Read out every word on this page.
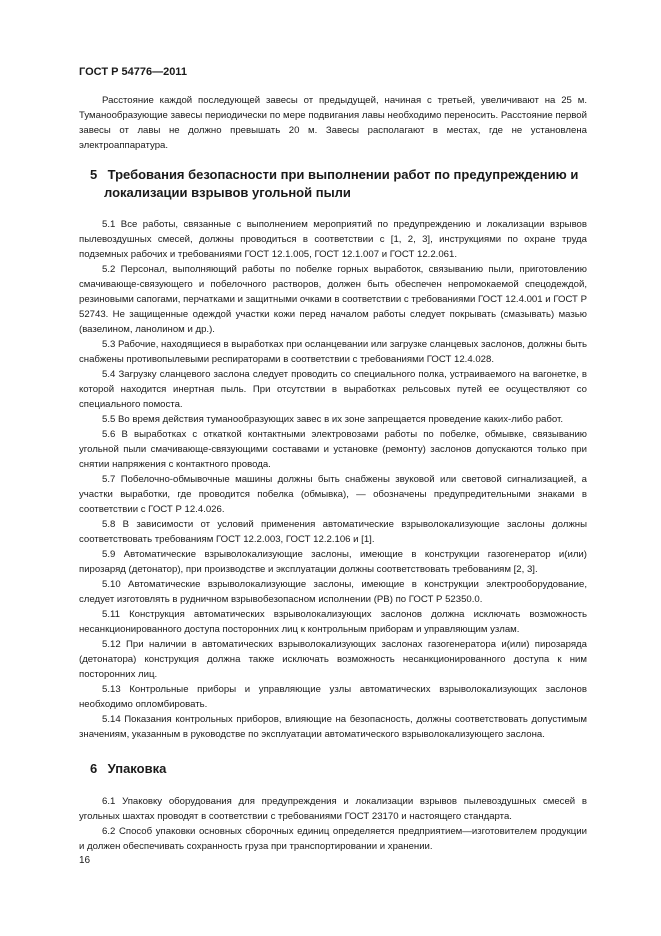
ГОСТ Р 54776—2011

Расстояние каждой последующей завесы от предыдущей, начиная с третьей, увеличивают на 25 м. Туманообразующие завесы периодически по мере подвигания лавы необходимо переносить. Расстояние первой завесы от лавы не должно превышать 20 м. Завесы располагают в местах, где не установлена электроаппаратура.

5 Требования безопасности при выполнении работ по предупреждению и локализации взрывов угольной пыли

5.1 Все работы, связанные с выполнением мероприятий по предупреждению и локализации взрывов пылевоздушных смесей, должны проводиться в соответствии с [1, 2, 3], инструкциями по охране труда подземных рабочих и требованиями ГОСТ 12.1.005, ГОСТ 12.1.007 и ГОСТ 12.2.061.

5.2 Персонал, выполняющий работы по побелке горных выработок, связыванию пыли, приготовлению смачивающе-связующего и побелочного растворов, должен быть обеспечен непромокаемой спецодеждой, резиновыми сапогами, перчатками и защитными очками в соответствии с требованиями ГОСТ 12.4.001 и ГОСТ Р 52743. Не защищенные одеждой участки кожи перед началом работы следует покрывать (смазывать) мазью (вазелином, ланолином и др.).

5.3 Рабочие, находящиеся в выработках при осланцевании или загрузке сланцевых заслонов, должны быть снабжены противопылевыми респираторами в соответствии с требованиями ГОСТ 12.4.028.

5.4 Загрузку сланцевого заслона следует проводить со специального полка, устраиваемого на вагонетке, в которой находится инертная пыль. При отсутствии в выработках рельсовых путей ее осуществляют со специального помоста.

5.5 Во время действия туманообразующих завес в их зоне запрещается проведение каких-либо работ.

5.6 В выработках с откаткой контактными электровозами работы по побелке, обмывке, связыванию угольной пыли смачивающе-связующими составами и установке (ремонту) заслонов допускаются только при снятии напряжения с контактного провода.

5.7 Побелочно-обмывочные машины должны быть снабжены звуковой или световой сигнализацией, а участки выработки, где проводится побелка (обмывка), — обозначены предупредительными знаками в соответствии с ГОСТ Р 12.4.026.

5.8 В зависимости от условий применения автоматические взрыволокализующие заслоны должны соответствовать требованиям ГОСТ 12.2.003, ГОСТ 12.2.106 и [1].

5.9 Автоматические взрыволокализующие заслоны, имеющие в конструкции газогенератор и(или) пирозаряд (детонатор), при производстве и эксплуатации должны соответствовать требованиям [2, 3].

5.10 Автоматические взрыволокализующие заслоны, имеющие в конструкции электрооборудование, следует изготовлять в рудничном взрывобезопасном исполнении (РВ) по ГОСТ Р 52350.0.

5.11 Конструкция автоматических взрыволокализующих заслонов должна исключать возможность несанкционированного доступа посторонних лиц к контрольным приборам и управляющим узлам.

5.12 При наличии в автоматических взрыволокализующих заслонах газогенератора и(или) пирозаряда (детонатора) конструкция должна также исключать возможность несанкционированного доступа к ним посторонних лиц.

5.13 Контрольные приборы и управляющие узлы автоматических взрыволокализующих заслонов необходимо опломбировать.

5.14 Показания контрольных приборов, влияющие на безопасность, должны соответствовать допустимым значениям, указанным в руководстве по эксплуатации автоматического взрыволокализующего заслона.

6 Упаковка

6.1 Упаковку оборудования для предупреждения и локализации взрывов пылевоздушных смесей в угольных шахтах проводят в соответствии с требованиями ГОСТ 23170 и настоящего стандарта.

6.2 Способ упаковки основных сборочных единиц определяется предприятием—изготовителем продукции и должен обеспечивать сохранность груза при транспортировании и хранении.

16
